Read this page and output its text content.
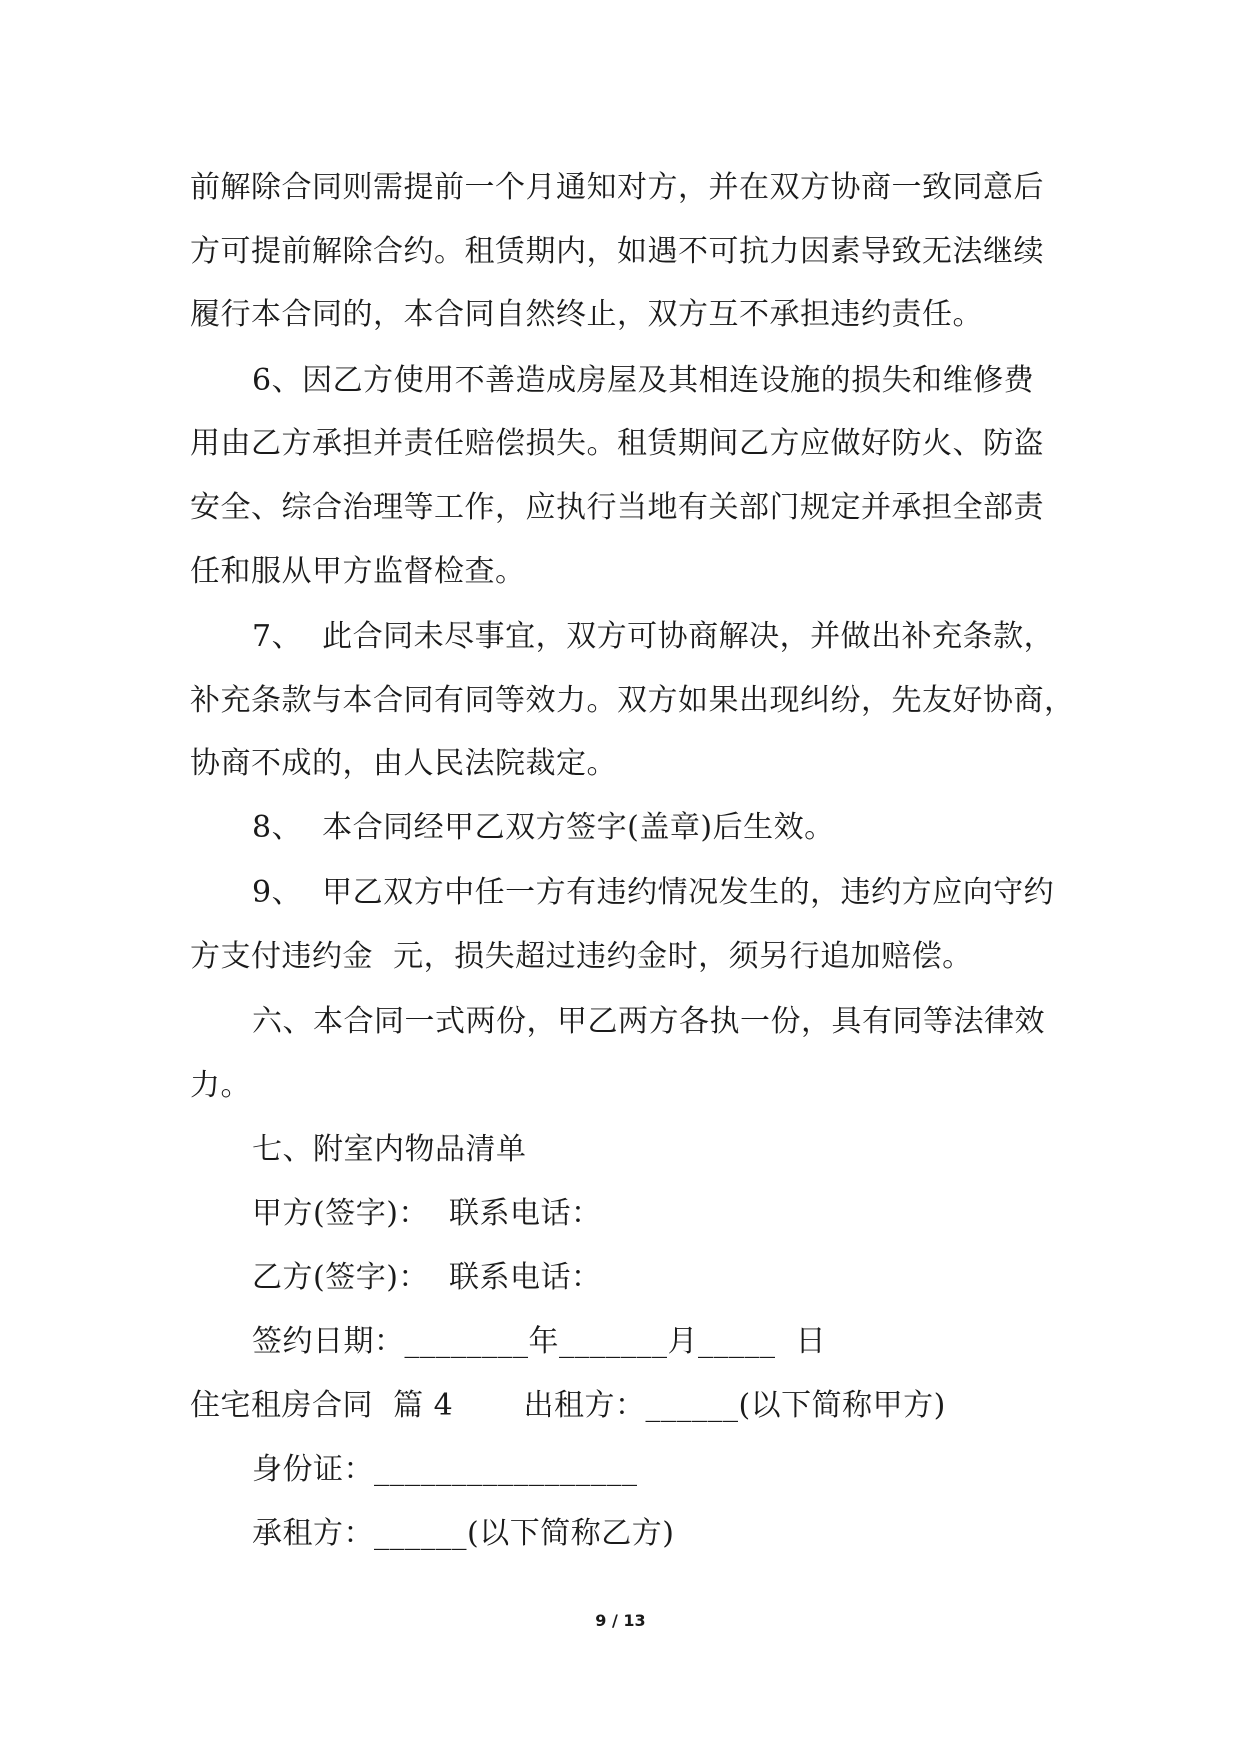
前解除合同则需提前一个月通知对方，并在双方协商一致同意后
方可提前解除合约。租赁期内，如遇不可抗力因素导致无法继续
履行本合同的，本合同自然终止，双方互不承担违约责任。
6、因乙方使用不善造成房屋及其相连设施的损失和维修费
用由乙方承担并责任赔偿损失。租赁期间乙方应做好防火、防盗
安全、综合治理等工作，应执行当地有关部门规定并承担全部责
任和服从甲方监督检查。
7、  此合同未尽事宜，双方可协商解决，并做出补充条款，
补充条款与本合同有同等效力。双方如果出现纠纷，先友好协商，
协商不成的，由人民法院裁定。
8、  本合同经甲乙双方签字(盖章)后生效。
9、  甲乙双方中任一方有违约情况发生的，违约方应向守约
方支付违约金  元，损失超过违约金时，须另行追加赔偿。
六、本合同一式两份，甲乙两方各执一份，具有同等法律效
力。
七、附室内物品清单
甲方(签字)：  联系电话：
乙方(签字)：  联系电话：
签约日期：________年_______月_____  日
住宅租房合同  篇 4       出租方：______(以下简称甲方)
身份证：_________________
承租方：______(以下简称乙方)
9 / 13
